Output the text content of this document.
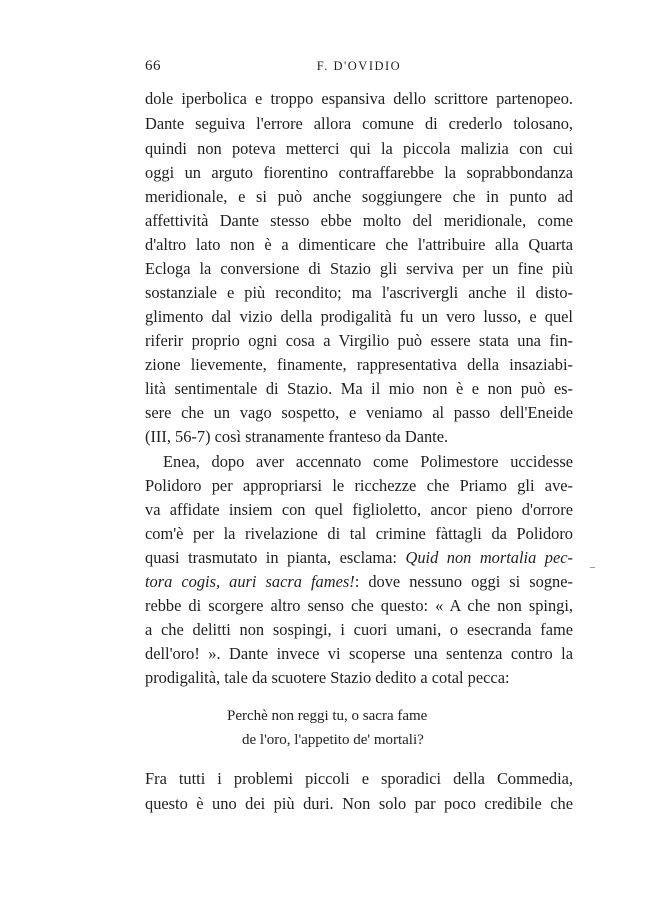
66	F. D'OVIDIO
dole iperbolica e troppo espansiva dello scrittore partenopeo.
Dante seguiva l'errore allora comune di crederlo tolosano,
quindi non poteva metterci qui la piccola malizia con cui
oggi un arguto fiorentino contraffarebbe la soprabbondanza
meridionale, e si può anche soggiungere che in punto ad
affettività Dante stesso ebbe molto del meridionale, come
d'altro lato non è a dimenticare che l'attribuire alla Quarta
Ecloga la conversione di Stazio gli serviva per un fine più
sostanziale e più recondito; ma l'ascrivergli anche il disto-
glimento dal vizio della prodigalità fu un vero lusso, e quel
riferir proprio ogni cosa a Virgilio può essere stata una fin-
zione lievemente, finamente, rappresentativa della insaziabi-
lità sentimentale di Stazio. Ma il mio non è e non può es-
sere che un vago sospetto, e veniamo al passo dell'Eneide
(III, 56-7) così stranamente franteso da Dante.
Enea, dopo aver accennato come Polimestore uccidesse
Polidoro per appropriarsi le ricchezze che Priamo gli ave-
va affidate insiem con quel figlioletto, ancor pieno d'orrore
com'è per la rivelazione di tal crimine fàttagli da Polidoro
quasi trasmutato in pianta, esclama: Quid non mortalia pec-
tora cogis, auri sacra fames!: dove nessuno oggi si sogne-
rebbe di scorgere altro senso che questo: « A che non spingi,
a che delitti non sospingi, i cuori umani, o esecranda fame
dell'oro! ». Dante invece vi scoperse una sentenza contro la
prodigalità, tale da scuotere Stazio dedito a cotal pecca:
Perchè non reggi tu, o sacra fame
de l'oro, l'appetito de' mortali?
Fra tutti i problemi piccoli e sporadici della Commedia,
questo è uno dei più duri. Non solo par poco credibile che
